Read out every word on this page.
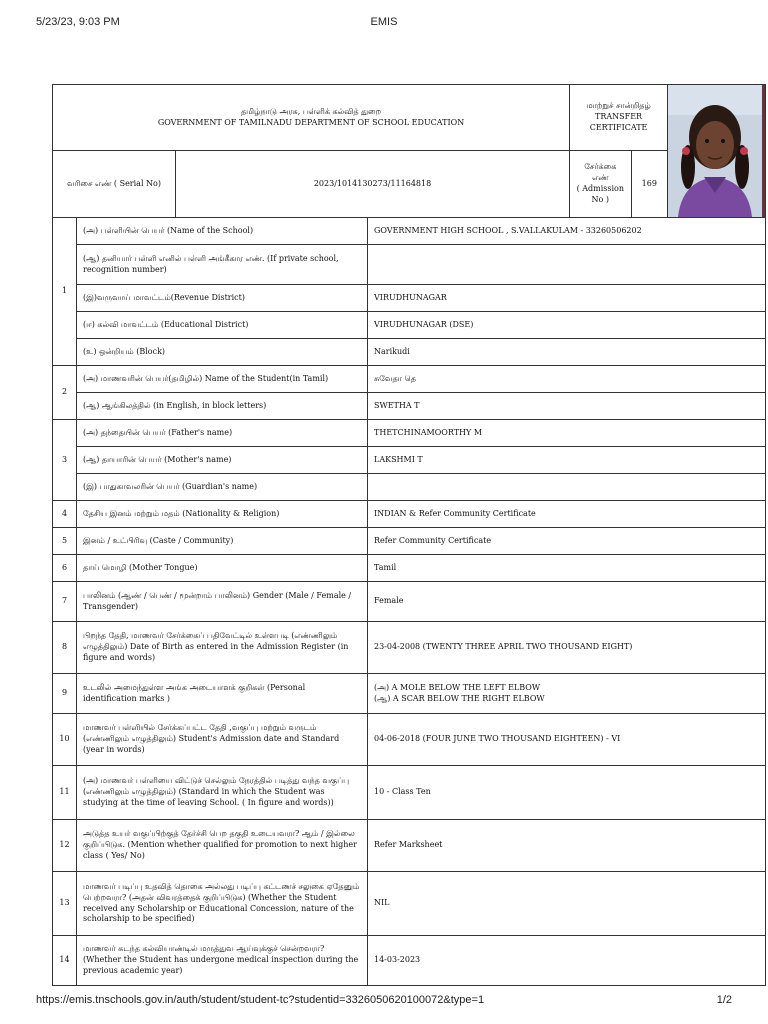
5/23/23, 9:03 PM	EMIS
தமிழ்நாடு அரசு, பள்ளிக் கல்வித் துறை
GOVERNMENT OF TAMILNADU DEPARTMENT OF SCHOOL EDUCATION

மாற்றுச் சான்றிதழ்
TRANSFER CERTIFICATE

வரிசை எண் ( Serial No)	2023/1014130273/11164818	
சேர்க்கை எண்
( Admission No )
	169

1	(அ) பள்ளியின் பெயர் (Name of the School)	GOVERNMENT HIGH SCHOOL , S.VALLAKULAM - 33260506202
(ஆ) தனியார் பள்ளி எனில் பள்ளி அங்கீகார எண். (If private school, recognition number)	
(இ)வருவாய் மாவட்டம்(Revenue District)	VIRUDHUNAGAR
(ஈ) கல்வி மாவட்டம் (Educational District)	VIRUDHUNAGAR (DSE)
(உ) ஒன்றியம் (Block)	Narikudi
2	(அ) மாணவரின் பெயர்(தமிழில்) Name of the Student(in Tamil)	சுவேதா தெ
(ஆ) ஆங்கிலத்தில் (in English, in block letters)	SWETHA T
3	(அ) தந்தையின் பெயர் (Father's name)	THETCHINAMOORTHY M
(ஆ) தாயாரின் பெயர் (Mother's name)	LAKSHMI T
(இ) பாதுகாவலரின் பெயர் (Guardian's name)	
4	தேசிய இனம் மற்றும் மதம் (Nationality & Religion)	INDIAN & Refer Community Certificate
5	இனம் / உட்பிரிவு (Caste / Community)	Refer Community Certificate
6	தாய் மொழி (Mother Tongue)	Tamil
7	பாலினம் (ஆண் / பெண் / மூன்றாம் பாலினம்) Gender (Male / Female / Transgender)	Female
8	பிறந்த தேதி, மாணவர் சேர்க்கைப் பதிவேட்டில் உள்ளபடி (எண்ணிலும் எழுத்திலும்) Date of Birth as entered in the Admission Register (in figure and words)	23-04-2008 (TWENTY THREE APRIL TWO THOUSAND EIGHT)
9	உடலில் அமைந்துள்ள அங்க அடையாளக் குறிகள் (Personal identification marks )	
(அ) A MOLE BELOW THE LEFT ELBOW
(ஆ) A SCAR BELOW THE RIGHT ELBOW

10	மாணவர் பள்ளியில் சேர்க்கப்பட்ட தேதி ,வகுப்பு மற்றும் வருடம் (எண்ணிலும் எழுத்திலும்) Student's Admission date and Standard (year in words)	04-06-2018 (FOUR JUNE TWO THOUSAND EIGHTEEN) - VI
11	(அ) மாணவர் பள்ளியை விட்டுச் செல்லும் நேரத்தில் படித்து வந்த வகுப்பு (எண்ணிலும் எழுத்திலும்) (Standard in which the Student was studying at the time of leaving School. ( In figure and words))	10 - Class Ten
12	அடுத்த உயர் வகுப்பிற்குத் தேர்ச்சி பெற தகுதி உடையவரா? ஆம் / இல்லை குறிப்பிடுக. (Mention whether qualified for promotion to next higher class ( Yes/ No)	Refer Marksheet
13	மாணவர் படிப்பு உதவித் தொகை அல்லது படிப்பு கட்டணச் சலுகை ஏதேனும் பெற்றவரா? (அதன் விவரத்தைக் குறிப்பிடுக) (Whether the Student received any Scholarship or Educational Concession, nature of the scholarship to be specified)	NIL
14	மாணவர் கடந்த கல்வியாண்டில் மருத்துவ ஆய்வுக்குச் சென்றவரா? (Whether the Student has undergone medical inspection during the previous academic year)	14-03-2023
https://emis.tnschools.gov.in/auth/student/student-tc?studentid=3326050620100072&type=1	1/2
